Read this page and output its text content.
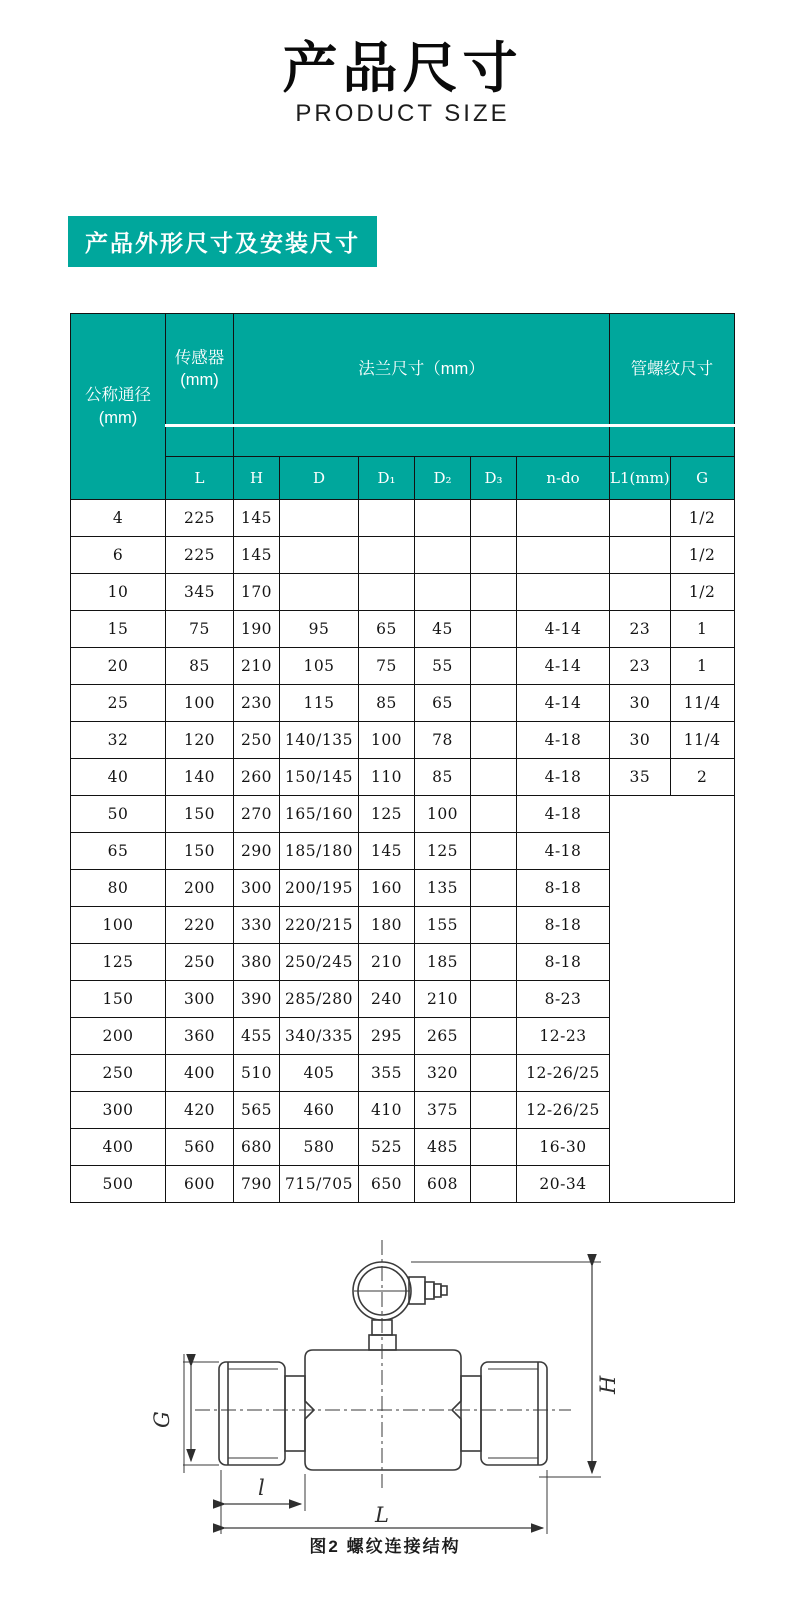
产品尺寸
PRODUCT SIZE
产品外形尺寸及安装尺寸
公称通径
(mm)

传感器
(mm)
	法兰尺寸（mm）	管螺纹尺寸

	L	H	D	D₁	D₂	D₃	n-do	L1(mm)	G
4	225	145							1/2
6	225	145							1/2
10	345	170							1/2
15	75	190	95	65	45		4-14	23	1
20	85	210	105	75	55		4-14	23	1
25	100	230	115	85	65		4-14	30	11/4
32	120	250	140/135	100	78		4-18	30	11/4
40	140	260	150/145	110	85		4-18	35	2
50	150	270	165/160	125	100		4-18		
65	150	290	185/180	145	125		4-18		
80	200	300	200/195	160	135		8-18		
100	220	330	220/215	180	155		8-18		
125	250	380	250/245	210	185		8-18		
150	300	390	285/280	240	210		8-23		
200	360	455	340/335	295	265		12-23		
250	400	510	405	355	320		12-26/25		
300	420	565	460	410	375		12-26/25		
400	560	680	580	525	485		16-30		
500	600	790	715/705	650	608		20-34		
G
H
l
L
图2 螺纹连接结构
